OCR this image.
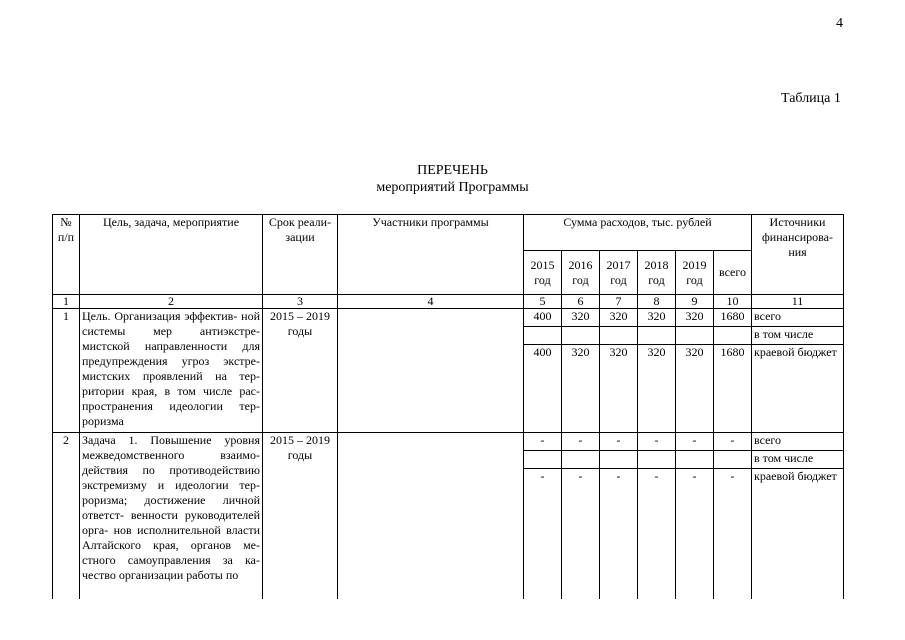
4
Таблица 1
ПЕРЕЧЕНЬ
мероприятий Программы
№ п/п	Цель, задача, мероприятие	Срок реали- зации	Участники программы	Сумма расходов, тыс. рублей						Источники финансирова- ния
				2015 год	2016 год	2017 год	2018 год	2019 год	всего	
1	2	3	4	5	6	7	8	9	10	11
1	Цель. Организация эффектив- ной системы мер антиэкстре- мистской направленности для предупреждения угроз экстре- мистских проявлений на тер- ритории края, в том числе рас- пространения идеологии тер- роризма	2015 – 2019 годы		400	320	320	320	320	1680	всего
										в том числе
				400	320	320	320	320	1680	краевой бюджет
2	Задача 1. Повышение уровня межведомственного взаимо- действия по противодействию экстремизму и идеологии тер- роризма; достижение личной ответст- венности руководителей орга- нов исполнительной власти Алтайского края, органов ме- стного самоуправления за ка- чество организации работы по	2015 – 2019 годы		-	-	-	-	-	-	всего
										в том числе
				-	-	-	-	-	-	краевой бюджет
